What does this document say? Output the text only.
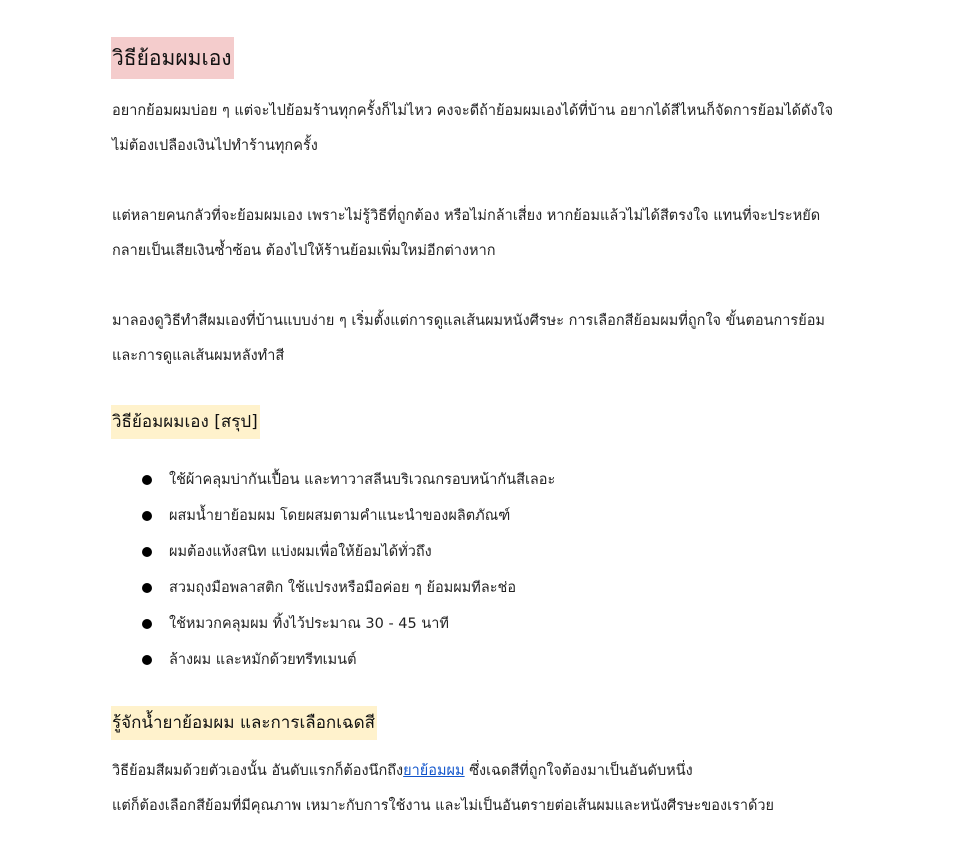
วิธีย้อมผมเอง

อยากย้อมผมบ่อย ๆ แต่จะไปย้อมร้านทุกครั้งก็ไม่ไหว คงจะดีถ้าย้อมผมเองได้ที่บ้าน อยากได้สีไหนก็จัดการย้อมได้ดังใจ
ไม่ต้องเปลืองเงินไปทำร้านทุกครั้ง

แต่หลายคนกลัวที่จะย้อมผมเอง เพราะไม่รู้วิธีที่ถูกต้อง หรือไม่กล้าเสี่ยง หากย้อมแล้วไม่ได้สีตรงใจ แทนที่จะประหยัด
กลายเป็นเสียเงินซ้ำซ้อน ต้องไปให้ร้านย้อมเพิ่มใหม่อีกต่างหาก

มาลองดูวิธีทำสีผมเองที่บ้านแบบง่าย ๆ เริ่มตั้งแต่การดูแลเส้นผมหนังศีรษะ การเลือกสีย้อมผมที่ถูกใจ ขั้นตอนการย้อม
และการดูแลเส้นผมหลังทำสี

วิธีย้อมผมเอง [สรุป]
ใช้ผ้าคลุมบ่ากันเปื้อน และทาวาสลีนบริเวณกรอบหน้ากันสีเลอะ
ผสมน้ำยาย้อมผม โดยผสมตามคำแนะนำของผลิตภัณฑ์
ผมต้องแห้งสนิท แบ่งผมเพื่อให้ย้อมได้ทั่วถึง
สวมถุงมือพลาสติก ใช้แปรงหรือมือค่อย ๆ ย้อมผมทีละช่อ
ใช้หมวกคลุมผม ทิ้งไว้ประมาณ 30 - 45 นาที
ล้างผม และหมักด้วยทรีทเมนต์
รู้จักน้ำยาย้อมผม และการเลือกเฉดสี

วิธีย้อมสีผมด้วยตัวเองนั้น อันดับแรกก็ต้องนึกถึงยาย้อมผม ซึ่งเฉดสีที่ถูกใจต้องมาเป็นอันดับหนึ่ง
แต่ก็ต้องเลือกสีย้อมที่มีคุณภาพ เหมาะกับการใช้งาน และไม่เป็นอันตรายต่อเส้นผมและหนังศีรษะของเราด้วย
